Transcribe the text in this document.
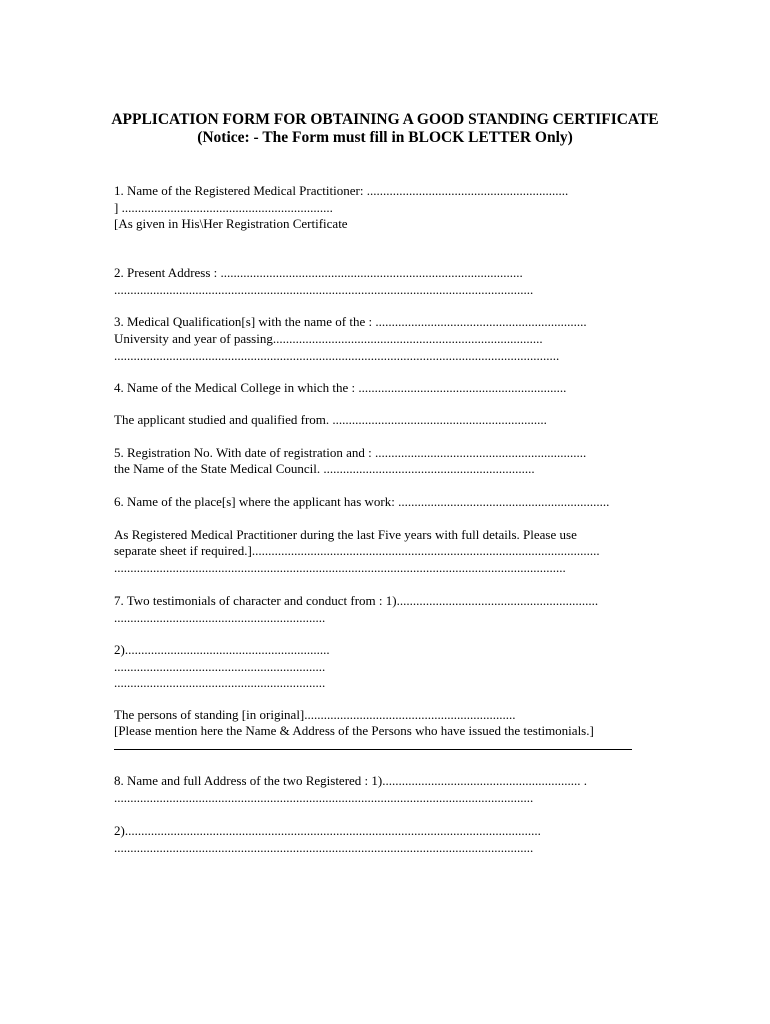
APPLICATION FORM FOR OBTAINING A GOOD STANDING CERTIFICATE
(Notice: - The Form must fill in BLOCK LETTER Only)
1. Name of the Registered Medical Practitioner: ..............................................................
] .................................................................
[As given in His\Her Registration Certificate
2. Present Address : .............................................................................................
.................................................................................................................................
3. Medical Qualification[s] with the name of the : .................................................................
University and year of passing...................................................................................
.........................................................................................................................................
4. Name of the Medical College in which the : ................................................................
The applicant studied and qualified from. ..................................................................
5. Registration No. With date of registration and : .................................................................
the Name of the State Medical Council. .................................................................
6. Name of the place[s] where the applicant has work: .................................................................
As Registered Medical Practitioner during the last Five years with full details. Please use
separate sheet if required.]...........................................................................................................
...........................................................................................................................................
7. Two testimonials of character and conduct from : 1)..............................................................
.................................................................
2)...............................................................
.................................................................
.................................................................
The persons of standing [in original].................................................................
[Please mention here the Name & Address of the Persons who have issued the testimonials.]
8. Name and full Address of the two Registered : 1)............................................................. .
.................................................................................................................................
2)................................................................................................................................
.................................................................................................................................
